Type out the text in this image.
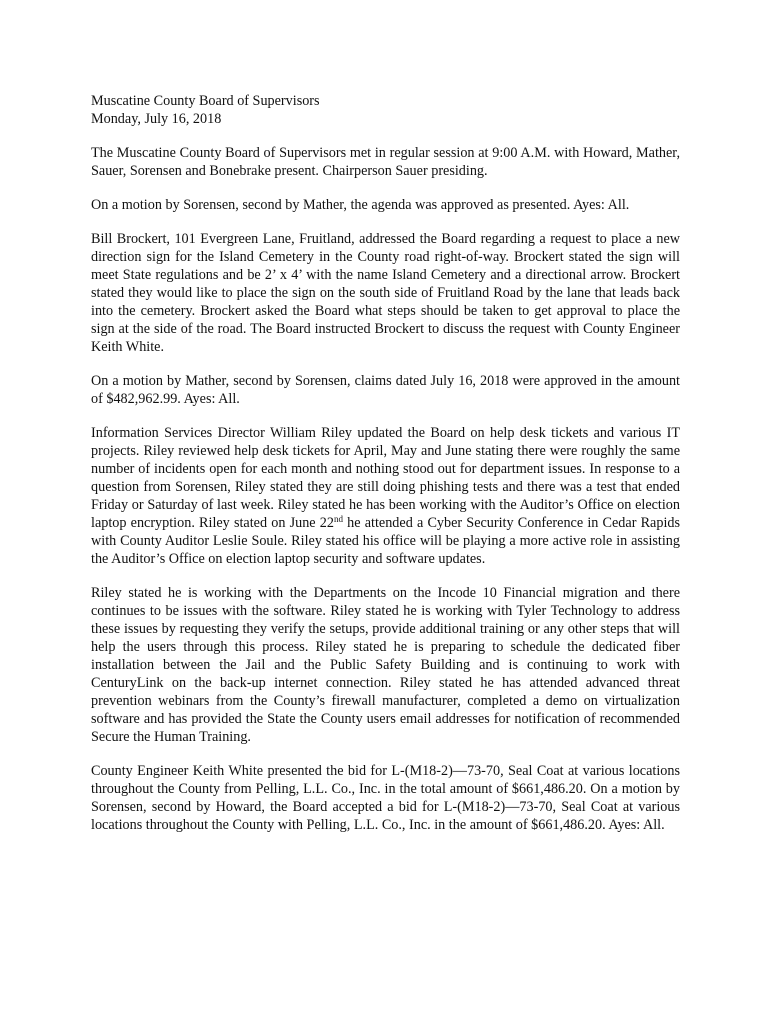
Muscatine County Board of Supervisors

Monday, July 16, 2018

The Muscatine County Board of Supervisors met in regular session at 9:00 A.M. with Howard, Mather, Sauer, Sorensen and Bonebrake present. Chairperson Sauer presiding.

On a motion by Sorensen, second by Mather, the agenda was approved as presented. Ayes: All.

Bill Brockert, 101 Evergreen Lane, Fruitland, addressed the Board regarding a request to place a new direction sign for the Island Cemetery in the County road right-of-way. Brockert stated the sign will meet State regulations and be 2’ x 4’ with the name Island Cemetery and a directional arrow. Brockert stated they would like to place the sign on the south side of Fruitland Road by the lane that leads back into the cemetery. Brockert asked the Board what steps should be taken to get approval to place the sign at the side of the road. The Board instructed Brockert to discuss the request with County Engineer Keith White.

On a motion by Mather, second by Sorensen, claims dated July 16, 2018 were approved in the amount of $482,962.99. Ayes: All.

Information Services Director William Riley updated the Board on help desk tickets and various IT projects. Riley reviewed help desk tickets for April, May and June stating there were roughly the same number of incidents open for each month and nothing stood out for department issues. In response to a question from Sorensen, Riley stated they are still doing phishing tests and there was a test that ended Friday or Saturday of last week. Riley stated he has been working with the Auditor’s Office on election laptop encryption. Riley stated on June 22nd he attended a Cyber Security Conference in Cedar Rapids with County Auditor Leslie Soule. Riley stated his office will be playing a more active role in assisting the Auditor’s Office on election laptop security and software updates.

Riley stated he is working with the Departments on the Incode 10 Financial migration and there continues to be issues with the software. Riley stated he is working with Tyler Technology to address these issues by requesting they verify the setups, provide additional training or any other steps that will help the users through this process. Riley stated he is preparing to schedule the dedicated fiber installation between the Jail and the Public Safety Building and is continuing to work with CenturyLink on the back-up internet connection. Riley stated he has attended advanced threat prevention webinars from the County’s firewall manufacturer, completed a demo on virtualization software and has provided the State the County users email addresses for notification of recommended Secure the Human Training.

County Engineer Keith White presented the bid for L-(M18-2)—73-70, Seal Coat at various locations throughout the County from Pelling, L.L. Co., Inc. in the total amount of $661,486.20. On a motion by Sorensen, second by Howard, the Board accepted a bid for L-(M18-2)—73-70, Seal Coat at various locations throughout the County with Pelling, L.L. Co., Inc. in the amount of $661,486.20. Ayes: All.
